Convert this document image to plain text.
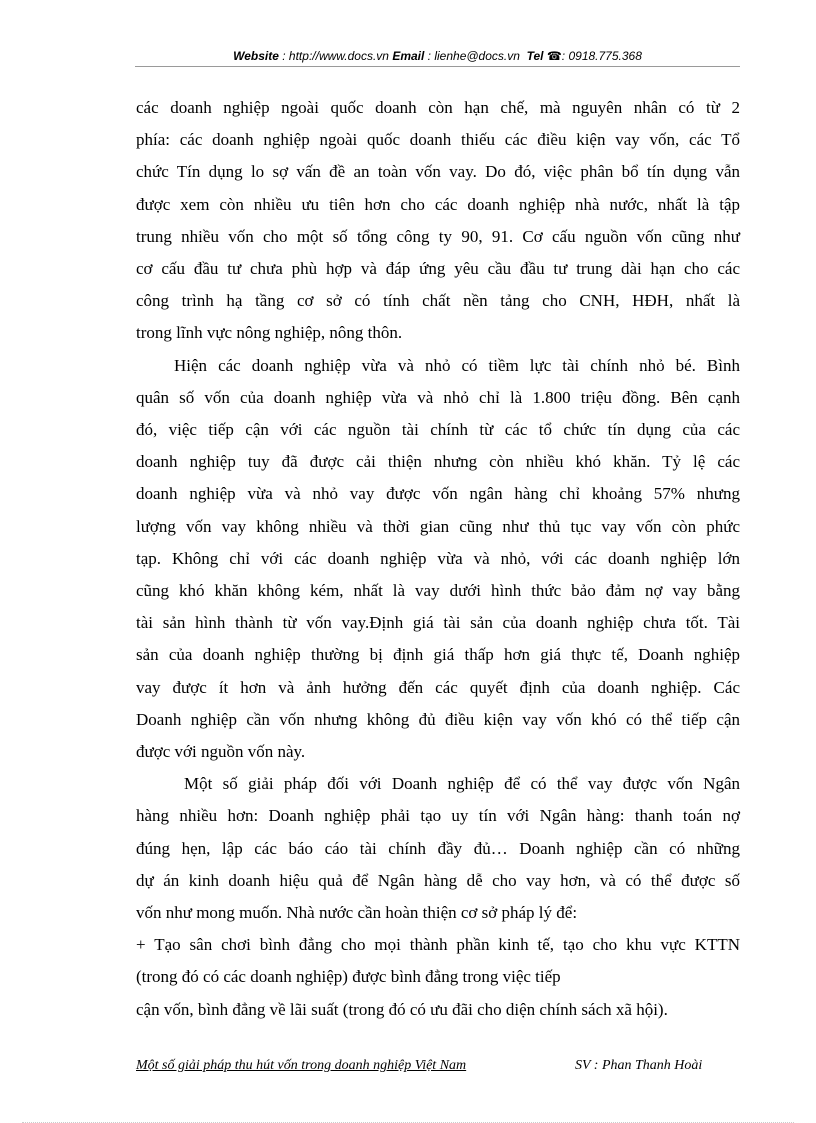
Website : http://www.docs.vn Email : lienhe@docs.vn Tel ☎: 0918.775.368

các doanh nghiệp ngoài quốc doanh còn hạn chế, mà nguyên nhân có từ 2
phía: các doanh nghiệp ngoài quốc doanh thiếu các điều kiện vay vốn, các Tổ
chức Tín dụng lo sợ vấn đề an toàn vốn vay. Do đó, việc phân bổ tín dụng vẫn
được xem còn nhiều ưu tiên hơn cho các doanh nghiệp nhà nước, nhất là tập
trung nhiều vốn cho một số tổng công ty 90, 91. Cơ cấu nguồn vốn cũng như
cơ cấu đầu tư chưa phù hợp và đáp ứng yêu cầu đầu tư trung dài hạn cho các
công trình hạ tầng cơ sở có tính chất nền tảng cho CNH, HĐH, nhất là
trong lĩnh vực nông nghiệp, nông thôn.

Hiện các doanh nghiệp vừa và nhỏ có tiềm lực tài chính nhỏ bé. Bình
quân số vốn của doanh nghiệp vừa và nhỏ chỉ là 1.800 triệu đồng. Bên cạnh
đó, việc tiếp cận với các nguồn tài chính từ các tổ chức tín dụng của các
doanh nghiệp tuy đã được cải thiện nhưng còn nhiều khó khăn. Tỷ lệ các
doanh nghiệp vừa và nhỏ vay được vốn ngân hàng chỉ khoảng 57% nhưng
lượng vốn vay không nhiều và thời gian cũng như thủ tục vay vốn còn phức
tạp. Không chỉ với các doanh nghiệp vừa và nhỏ, với các doanh nghiệp lớn
cũng khó khăn không kém, nhất là vay dưới hình thức bảo đảm nợ vay bằng
tài sản hình thành từ vốn vay.Định giá tài sản của doanh nghiệp chưa tốt. Tài
sản của doanh nghiệp thường bị định giá thấp hơn giá thực tế, Doanh nghiệp
vay được ít hơn và ảnh hưởng đến các quyết định của doanh nghiệp. Các
Doanh nghiệp cần vốn nhưng không đủ điều kiện vay vốn khó có thể tiếp cận
được với nguồn vốn này.

Một số giải pháp đối với Doanh nghiệp để có thể vay được vốn Ngân
hàng nhiều hơn: Doanh nghiệp phải tạo uy tín với Ngân hàng: thanh toán nợ
đúng hẹn, lập các báo cáo tài chính đầy đủ… Doanh nghiệp cần có những
dự án kinh doanh hiệu quả để Ngân hàng dễ cho vay hơn, và có thể được số
vốn như mong muốn. Nhà nước cần hoàn thiện cơ sở pháp lý để:

+ Tạo sân chơi bình đẳng cho mọi thành phần kinh tế, tạo cho khu vực KTTN
(trong đó có các doanh nghiệp) được bình đẳng trong việc tiếp
cận vốn, bình đẳng về lãi suất (trong đó có ưu đãi cho diện chính sách xã hội).

Một số giải pháp thu hút vốn trong doanh nghiệp Việt Nam	SV : Phan Thanh Hoài
